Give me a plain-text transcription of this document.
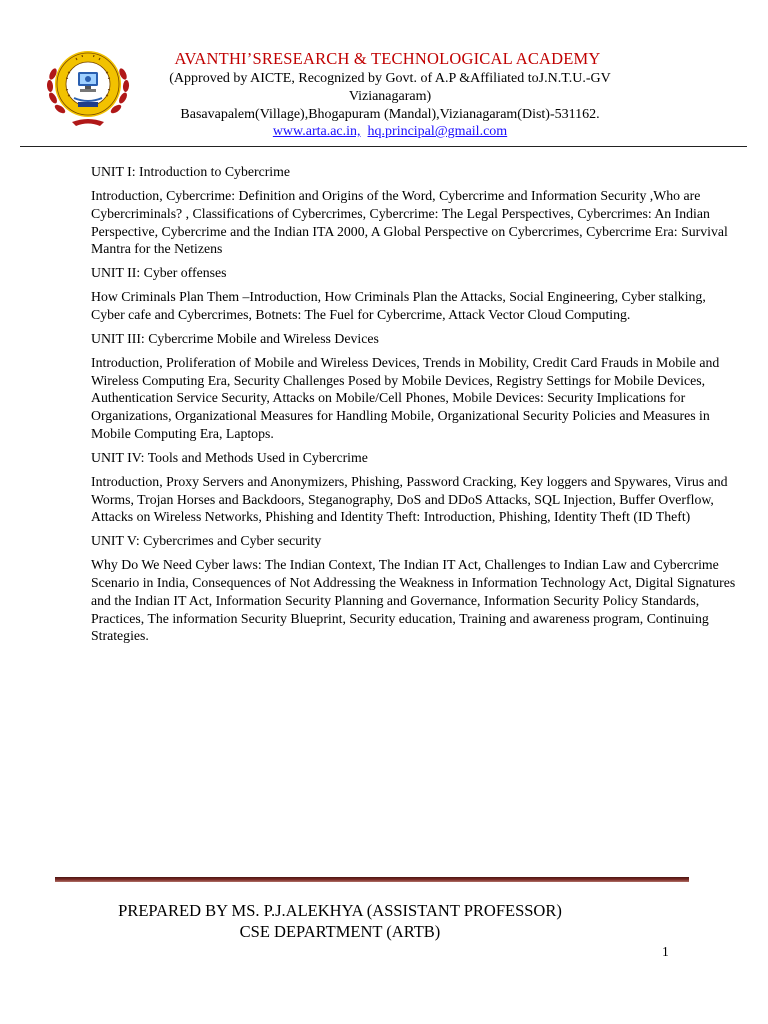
AVANTHI’SRESEARCH & TECHNOLOGICAL ACADEMY
(Approved by AICTE, Recognized by Govt. of A.P &Affiliated toJ.N.T.U.-GV
Vizianagaram)
Basavapalem(Village),Bhogapuram (Mandal),Vizianagaram(Dist)-531162.
www.arta.ac.in, hq.principal@gmail.com
UNIT I: Introduction to Cybercrime
Introduction, Cybercrime: Definition and Origins of the Word, Cybercrime and Information Security ,Who are Cybercriminals? , Classifications of Cybercrimes, Cybercrime: The Legal Perspectives, Cybercrimes: An Indian Perspective, Cybercrime and the Indian ITA 2000, A Global Perspective on Cybercrimes, Cybercrime Era: Survival Mantra for the Netizens
UNIT II: Cyber offenses
How Criminals Plan Them –Introduction, How Criminals Plan the Attacks, Social Engineering, Cyber stalking, Cyber cafe and Cybercrimes, Botnets: The Fuel for Cybercrime, Attack Vector Cloud Computing.
UNIT III: Cybercrime Mobile and Wireless Devices
Introduction, Proliferation of Mobile and Wireless Devices, Trends in Mobility, Credit Card Frauds in Mobile and Wireless Computing Era, Security Challenges Posed by Mobile Devices, Registry Settings for Mobile Devices, Authentication Service Security, Attacks on Mobile/Cell Phones, Mobile Devices: Security Implications for Organizations, Organizational Measures for Handling Mobile, Organizational Security Policies and Measures in Mobile Computing Era, Laptops.
UNIT IV: Tools and Methods Used in Cybercrime
Introduction, Proxy Servers and Anonymizers, Phishing, Password Cracking, Key loggers and Spywares, Virus and Worms, Trojan Horses and Backdoors, Steganography, DoS and DDoS Attacks, SQL Injection, Buffer Overflow, Attacks on Wireless Networks, Phishing and Identity Theft: Introduction, Phishing, Identity Theft (ID Theft)
UNIT V: Cybercrimes and Cyber security
Why Do We Need Cyber laws: The Indian Context, The Indian IT Act, Challenges to Indian Law and Cybercrime Scenario in India, Consequences of Not Addressing the Weakness in Information Technology Act, Digital Signatures and the Indian IT Act, Information Security Planning and Governance, Information Security Policy Standards, Practices, The information Security Blueprint, Security education, Training and awareness program, Continuing Strategies.
PREPARED BY MS. P.J.ALEKHYA (ASSISTANT PROFESSOR)
CSE DEPARTMENT (ARTB)
1
